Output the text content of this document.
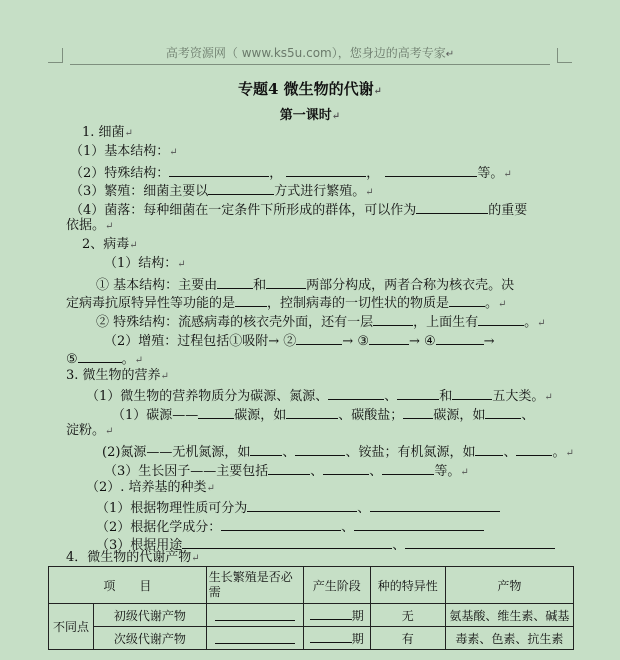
高考资源网（ www.ks5u.com），您身边的高考专家↵
专题4 微生物的代谢↵
第一课时↵
1. 细菌↵
（1）基本结构：↵
（2）特殊结构：	，	，	等。↵
（3）繁殖：细菌主要以	方式进行繁殖。↵
（4）菌落：每种细菌在一定条件下所形成的群体，可以作为	的重要
依据。↵
2、病毒↵
（1）结构：↵
① 基本结构：主要由	和	两部分构成，两者合称为核衣壳。决
定病毒抗原特异性等功能的是 ，控制病毒的一切性状的物质是	。↵
② 特殊结构：流感病毒的核衣壳外面，还有一层	，上面生有	。↵
（2）增殖：过程包括①吸附→ ②	→ ③	→ ④	→
⑤	。↵
3. 微生物的营养↵
（1）微生物的营养物质分为碳源、氮源、	、	和	五大类。↵
（1）碳源——	碳源，如	、碳酸盐； 碳源，如	、
淀粉。↵
(2)氮源——无机氮源，如 、	、铵盐；有机氮源，如 、	。↵
（3）生长因子——主要包括	、	、	等。↵
（2）. 培养基的种类↵
（1）根据物理性质可分为	、
（2）根据化学成分：	、
（3）根据用途	、
4．微生物的代谢产物↵
项　　目		生长繁殖是否必需	产生阶段	种的特异性	产物
不同点	初级代谢产物		期	无	氨基酸、维生素、碱基
	次级代谢产物		期	有	毒素、色素、抗生素
